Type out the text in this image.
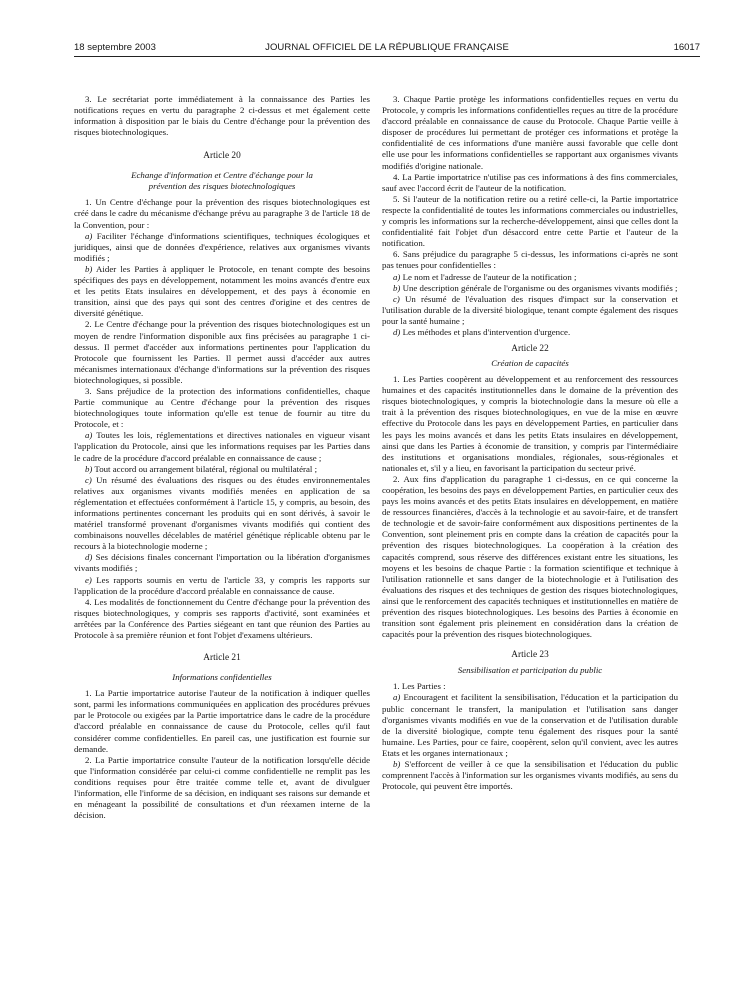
18 septembre 2003	JOURNAL OFFICIEL DE LA RÉPUBLIQUE FRANÇAISE	16017

3. Le secrétariat porte immédiatement à la connaissance des Parties les notifications reçues en vertu du paragraphe 2 ci-dessus et met également cette information à disposition par le biais du Centre d'échange pour la prévention des risques biotechnologiques.

Article 20

Echange d'information et Centre d'échange pour la prévention des risques biotechnologiques

1. Un Centre d'échange pour la prévention des risques biotechnologiques est créé dans le cadre du mécanisme d'échange prévu au paragraphe 3 de l'article 18 de la Convention, pour :

a) Faciliter l'échange d'informations scientifiques, techniques écologiques et juridiques, ainsi que de données d'expérience, relatives aux organismes vivants modifiés ;

b) Aider les Parties à appliquer le Protocole, en tenant compte des besoins spécifiques des pays en développement, notamment les moins avancés d'entre eux et les petits Etats insulaires en développement, et des pays à économie en transition, ainsi que des pays qui sont des centres d'origine et des centres de diversité génétique.

2. Le Centre d'échange pour la prévention des risques biotechnologiques est un moyen de rendre l'information disponible aux fins précisées au paragraphe 1 ci-dessus. Il permet d'accéder aux informations pertinentes pour l'application du Protocole que fournissent les Parties. Il permet aussi d'accéder aux autres mécanismes internationaux d'échange d'informations sur la prévention des risques biotechnologiques, si possible.

3. Sans préjudice de la protection des informations confidentielles, chaque Partie communique au Centre d'échange pour la prévention des risques biotechnologiques toute information qu'elle est tenue de fournir au titre du Protocole, et :

a) Toutes les lois, réglementations et directives nationales en vigueur visant l'application du Protocole, ainsi que les informations requises par les Parties dans le cadre de la procédure d'accord préalable en connaissance de cause ;

b) Tout accord ou arrangement bilatéral, régional ou multilatéral ;

c) Un résumé des évaluations des risques ou des études environnementales relatives aux organismes vivants modifiés menées en application de sa réglementation et effectuées conformément à l'article 15, y compris, au besoin, des informations pertinentes concernant les produits qui en sont dérivés, à savoir le matériel transformé provenant d'organismes vivants modifiés qui contient des combinaisons nouvelles décelables de matériel génétique réplicable obtenu par le recours à la biotechnologie moderne ;

d) Ses décisions finales concernant l'importation ou la libération d'organismes vivants modifiés ;

e) Les rapports soumis en vertu de l'article 33, y compris les rapports sur l'application de la procédure d'accord préalable en connaissance de cause.

4. Les modalités de fonctionnement du Centre d'échange pour la prévention des risques biotechnologiques, y compris ses rapports d'activité, sont examinées et arrêtées par la Conférence des Parties siégeant en tant que réunion des Parties au Protocole à sa première réunion et font l'objet d'examens ultérieurs.

Article 21

Informations confidentielles

1. La Partie importatrice autorise l'auteur de la notification à indiquer quelles sont, parmi les informations communiquées en application des procédures prévues par le Protocole ou exigées par la Partie importatrice dans le cadre de la procédure d'accord préalable en connaissance de cause du Protocole, celles qu'il faut considérer comme confidentielles. En pareil cas, une justification est fournie sur demande.

2. La Partie importatrice consulte l'auteur de la notification lorsqu'elle décide que l'information considérée par celui-ci comme confidentielle ne remplit pas les conditions requises pour être traitée comme telle et, avant de divulguer l'information, elle l'informe de sa décision, en indiquant ses raisons sur demande et en ménageant la possibilité de consultations et d'un réexamen interne de la décision.

3. Chaque Partie protège les informations confidentielles reçues en vertu du Protocole, y compris les informations confidentielles reçues au titre de la procédure d'accord préalable en connaissance de cause du Protocole. Chaque Partie veille à disposer de procédures lui permettant de protéger ces informations et protège la confidentialité de ces informations d'une manière aussi favorable que celle dont elle use pour les informations confidentielles se rapportant aux organismes vivants modifiés d'origine nationale.

4. La Partie importatrice n'utilise pas ces informations à des fins commerciales, sauf avec l'accord écrit de l'auteur de la notification.

5. Si l'auteur de la notification retire ou a retiré celle-ci, la Partie importatrice respecte la confidentialité de toutes les informations commerciales ou industrielles, y compris les informations sur la recherche-développement, ainsi que celles dont la confidentialité fait l'objet d'un désaccord entre cette Partie et l'auteur de la notification.

6. Sans préjudice du paragraphe 5 ci-dessus, les informations ci-après ne sont pas tenues pour confidentielles :

a) Le nom et l'adresse de l'auteur de la notification ;

b) Une description générale de l'organisme ou des organismes vivants modifiés ;

c) Un résumé de l'évaluation des risques d'impact sur la conservation et l'utilisation durable de la diversité biologique, tenant compte également des risques pour la santé humaine ;

d) Les méthodes et plans d'intervention d'urgence.

Article 22

Création de capacités

1. Les Parties coopèrent au développement et au renforcement des ressources humaines et des capacités institutionnelles dans le domaine de la prévention des risques biotechnologiques, y compris la biotechnologie dans la mesure où elle a trait à la prévention des risques biotechnologiques, en vue de la mise en œuvre effective du Protocole dans les pays en développement Parties, en particulier dans les pays les moins avancés et dans les petits Etats insulaires en développement, ainsi que dans les Parties à économie de transition, y compris par l'intermédiaire des institutions et organisations mondiales, régionales, sous-régionales et nationales et, s'il y a lieu, en favorisant la participation du secteur privé.

2. Aux fins d'application du paragraphe 1 ci-dessus, en ce qui concerne la coopération, les besoins des pays en développement Parties, en particulier ceux des pays les moins avancés et des petits Etats insulaires en développement, en matière de ressources financières, d'accès à la technologie et au savoir-faire, et de transfert de technologie et de savoir-faire conformément aux dispositions pertinentes de la Convention, sont pleinement pris en compte dans la création de capacités pour la prévention des risques biotechnologiques. La coopération à la création des capacités comprend, sous réserve des différences existant entre les situations, les moyens et les besoins de chaque Partie : la formation scientifique et technique à l'utilisation rationnelle et sans danger de la biotechnologie et à l'utilisation des évaluations des risques et des techniques de gestion des risques biotechnologiques, ainsi que le renforcement des capacités techniques et institutionnelles en matière de prévention des risques biotechnologiques. Les besoins des Parties à économie en transition sont également pris pleinement en considération dans la création de capacités pour la prévention des risques biotechnologiques.

Article 23

Sensibilisation et participation du public

1. Les Parties :

a) Encouragent et facilitent la sensibilisation, l'éducation et la participation du public concernant le transfert, la manipulation et l'utilisation sans danger d'organismes vivants modifiés en vue de la conservation et de l'utilisation durable de la diversité biologique, compte tenu également des risques pour la santé humaine. Les Parties, pour ce faire, coopèrent, selon qu'il convient, avec les autres Etats et les organes internationaux ;

b) S'efforcent de veiller à ce que la sensibilisation et l'éducation du public comprennent l'accès à l'information sur les organismes vivants modifiés, au sens du Protocole, qui peuvent être importés.
